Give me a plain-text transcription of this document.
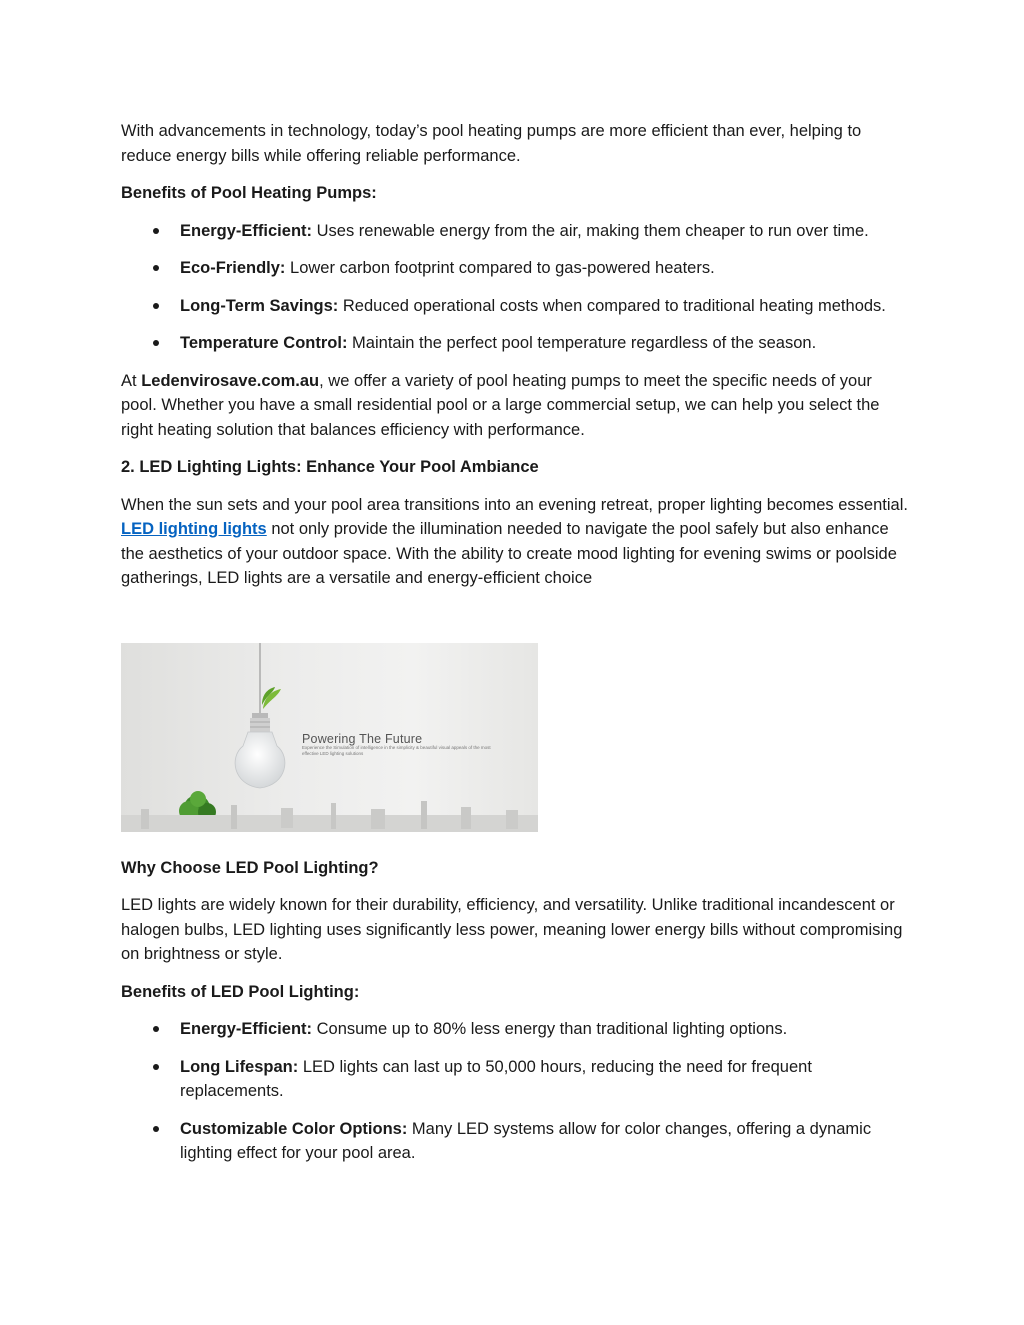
With advancements in technology, today’s pool heating pumps are more efficient than ever, helping to reduce energy bills while offering reliable performance.

Benefits of Pool Heating Pumps:

Energy-Efficient: Uses renewable energy from the air, making them cheaper to run over time.
Eco-Friendly: Lower carbon footprint compared to gas-powered heaters.
Long-Term Savings: Reduced operational costs when compared to traditional heating methods.
Temperature Control: Maintain the perfect pool temperature regardless of the season.

At Ledenvirosave.com.au, we offer a variety of pool heating pumps to meet the specific needs of your pool. Whether you have a small residential pool or a large commercial setup, we can help you select the right heating solution that balances efficiency with performance.

2. LED Lighting Lights: Enhance Your Pool Ambiance

When the sun sets and your pool area transitions into an evening retreat, proper lighting becomes essential. LED lighting lights not only provide the illumination needed to navigate the pool safely but also enhance the aesthetics of your outdoor space. With the ability to create mood lighting for evening swims or poolside gatherings, LED lights are a versatile and energy-efficient choice

Powering The Future
Experience the Simulation of intelligence in the simplicity & beautiful visual appeals of the most effective LED lighting solutions

Why Choose LED Pool Lighting?

LED lights are widely known for their durability, efficiency, and versatility. Unlike traditional incandescent or halogen bulbs, LED lighting uses significantly less power, meaning lower energy bills without compromising on brightness or style.

Benefits of LED Pool Lighting:

Energy-Efficient: Consume up to 80% less energy than traditional lighting options.
Long Lifespan: LED lights can last up to 50,000 hours, reducing the need for frequent replacements.
Customizable Color Options: Many LED systems allow for color changes, offering a dynamic lighting effect for your pool area.
